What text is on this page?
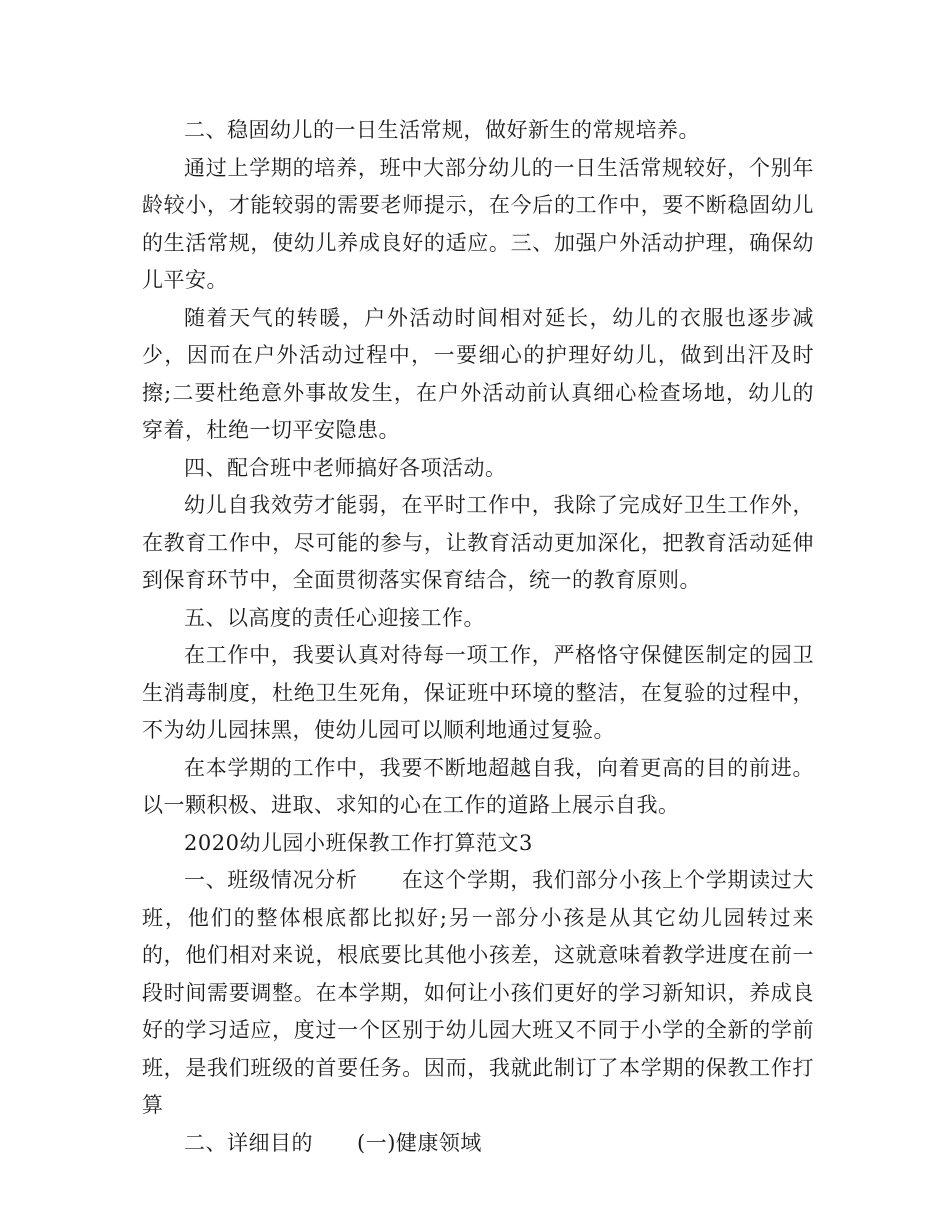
二、稳固幼儿的一日生活常规，做好新生的常规培养。

通过上学期的培养，班中大部分幼儿的一日生活常规较好，个别年龄较小，才能较弱的需要老师提示，在今后的工作中，要不断稳固幼儿的生活常规，使幼儿养成良好的适应。三、加强户外活动护理，确保幼儿平安。

随着天气的转暖，户外活动时间相对延长，幼儿的衣服也逐步减少，因而在户外活动过程中，一要细心的护理好幼儿，做到出汗及时擦;二要杜绝意外事故发生，在户外活动前认真细心检查场地，幼儿的穿着，杜绝一切平安隐患。

四、配合班中老师搞好各项活动。

幼儿自我效劳才能弱，在平时工作中，我除了完成好卫生工作外，在教育工作中，尽可能的参与，让教育活动更加深化，把教育活动延伸到保育环节中，全面贯彻落实保育结合，统一的教育原则。

五、以高度的责任心迎接工作。

在工作中，我要认真对待每一项工作，严格恪守保健医制定的园卫生消毒制度，杜绝卫生死角，保证班中环境的整洁，在复验的过程中，不为幼儿园抹黑，使幼儿园可以顺利地通过复验。

在本学期的工作中，我要不断地超越自我，向着更高的目的前进。以一颗积极、进取、求知的心在工作的道路上展示自我。

2020幼儿园小班保教工作打算范文3

一、班级情况分析 在这个学期，我们部分小孩上个学期读过大班，他们的整体根底都比拟好;另一部分小孩是从其它幼儿园转过来的，他们相对来说，根底要比其他小孩差，这就意味着教学进度在前一段时间需要调整。在本学期，如何让小孩们更好的学习新知识，养成良好的学习适应，度过一个区别于幼儿园大班又不同于小学的全新的学前班，是我们班级的首要任务。因而，我就此制订了本学期的保教工作打算

二、详细目的 (一)健康领域
